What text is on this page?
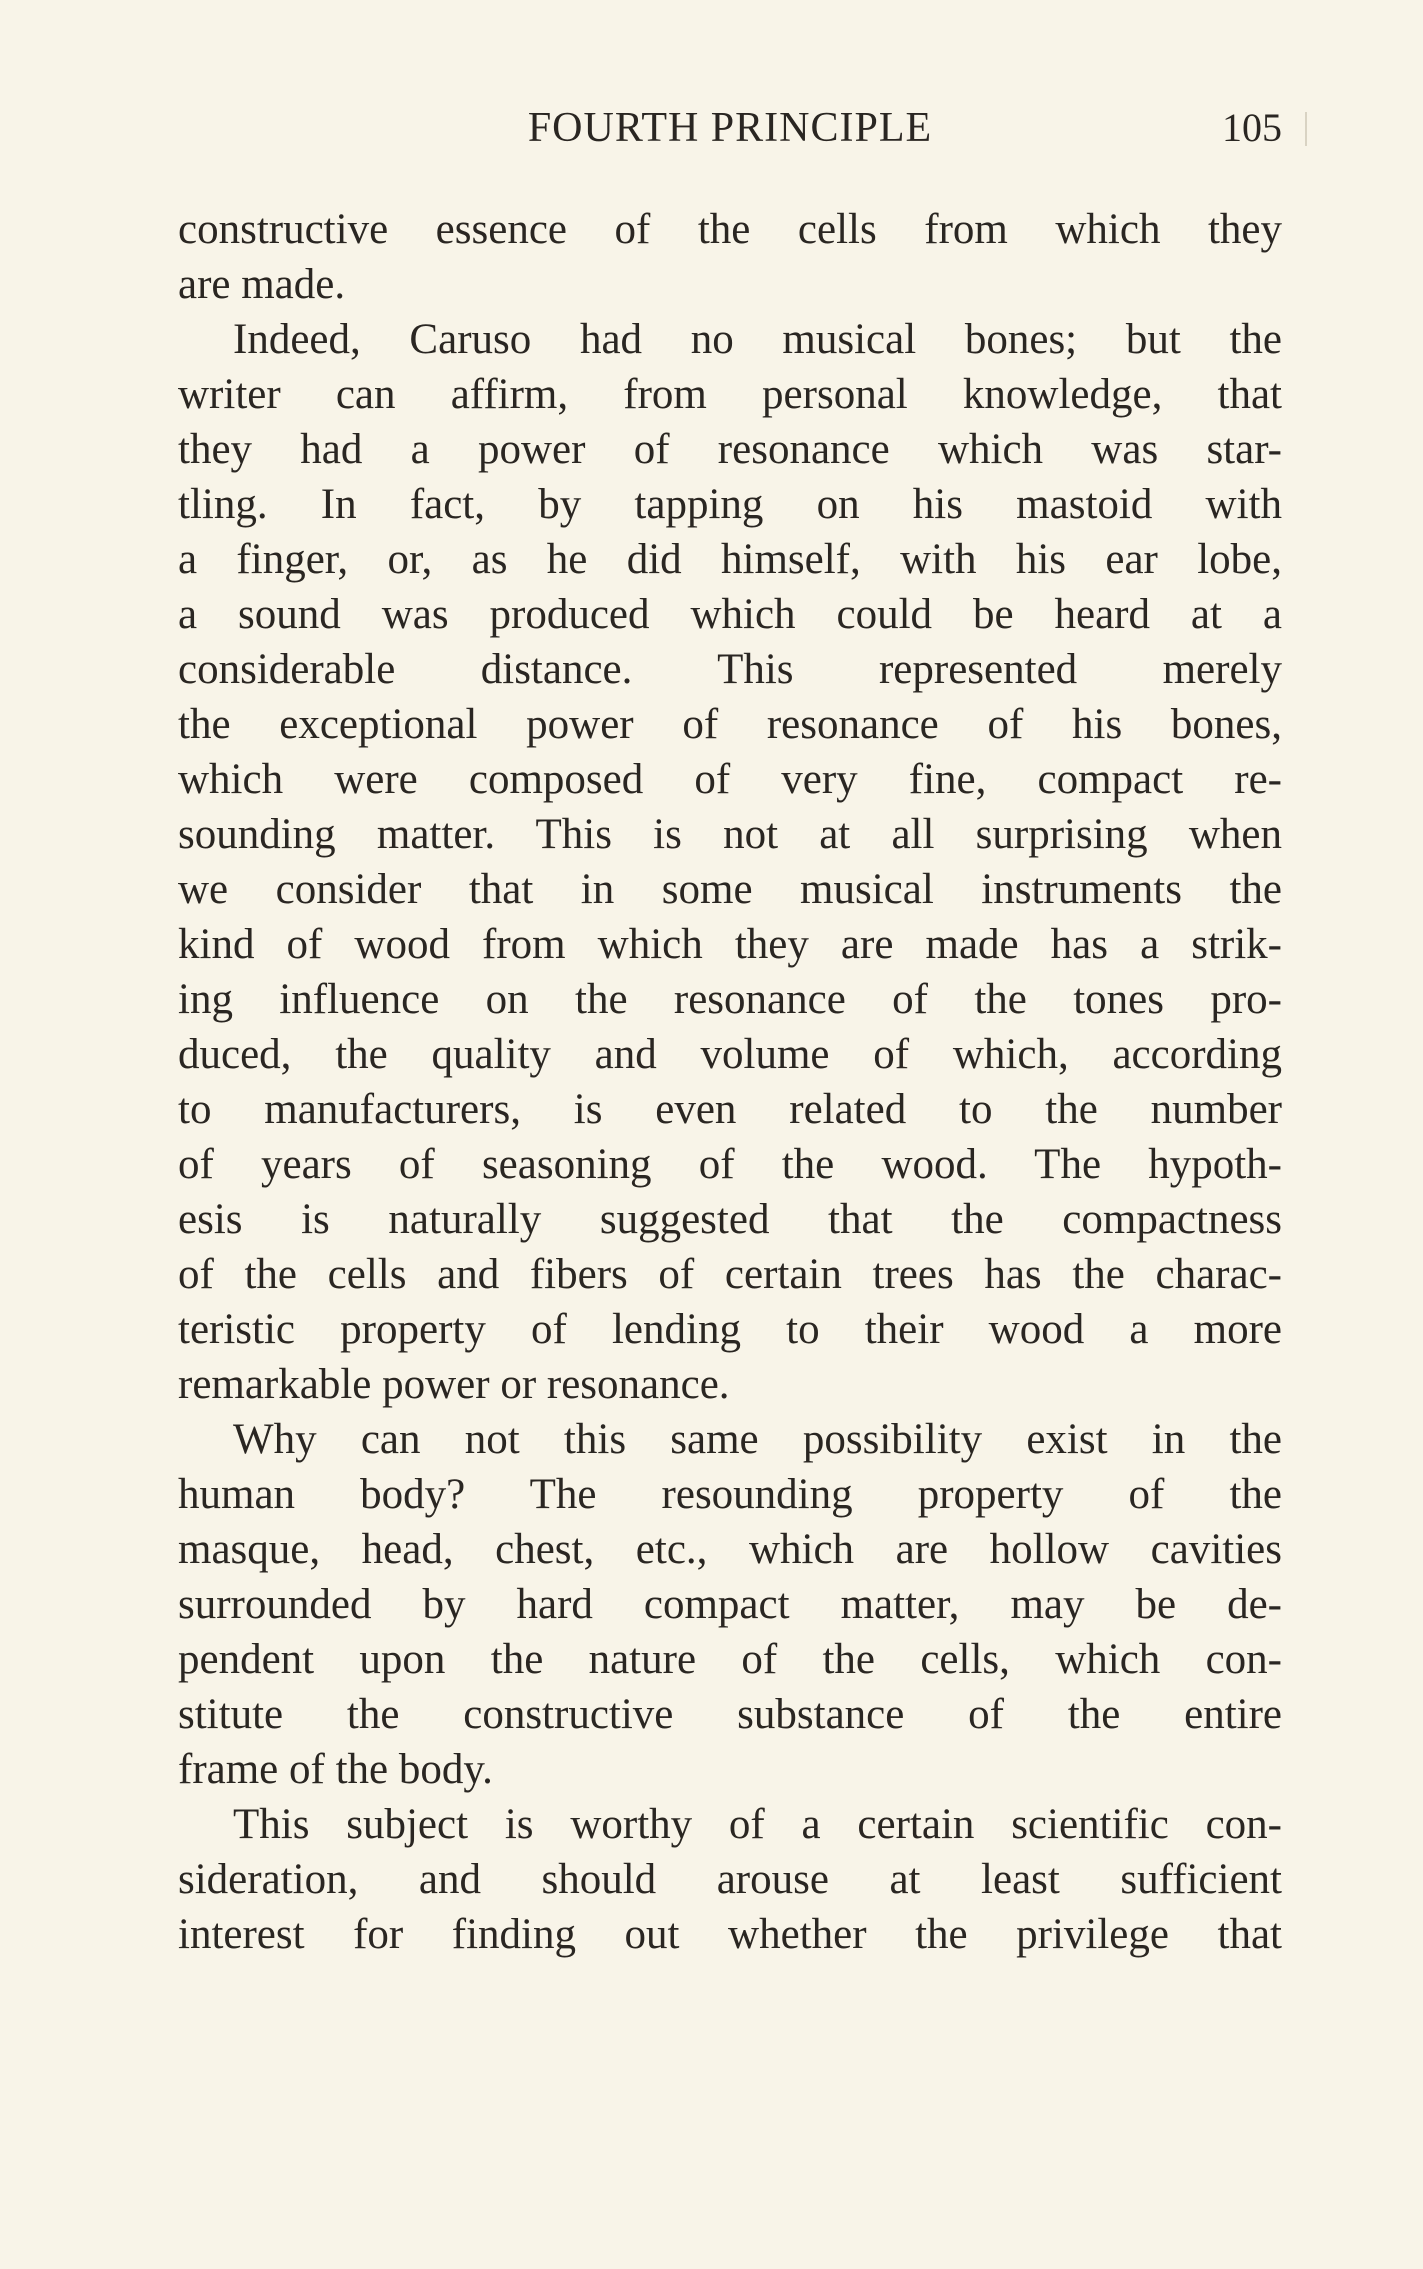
FOURTH PRINCIPLE	105
constructive essence of the cells from which they
are made.
Indeed, Caruso had no musical bones; but the
writer can affirm, from personal knowledge, that
they had a power of resonance which was star-
tling. In fact, by tapping on his mastoid with
a finger, or, as he did himself, with his ear lobe,
a sound was produced which could be heard at a
considerable distance. This represented merely
the exceptional power of resonance of his bones,
which were composed of very fine, compact re-
sounding matter. This is not at all surprising when
we consider that in some musical instruments the
kind of wood from which they are made has a strik-
ing influence on the resonance of the tones pro-
duced, the quality and volume of which, according
to manufacturers, is even related to the number
of years of seasoning of the wood. The hypoth-
esis is naturally suggested that the compactness
of the cells and fibers of certain trees has the charac-
teristic property of lending to their wood a more
remarkable power or resonance.
Why can not this same possibility exist in the
human body? The resounding property of the
masque, head, chest, etc., which are hollow cavities
surrounded by hard compact matter, may be de-
pendent upon the nature of the cells, which con-
stitute the constructive substance of the entire
frame of the body.
This subject is worthy of a certain scientific con-
sideration, and should arouse at least sufficient
interest for finding out whether the privilege that
